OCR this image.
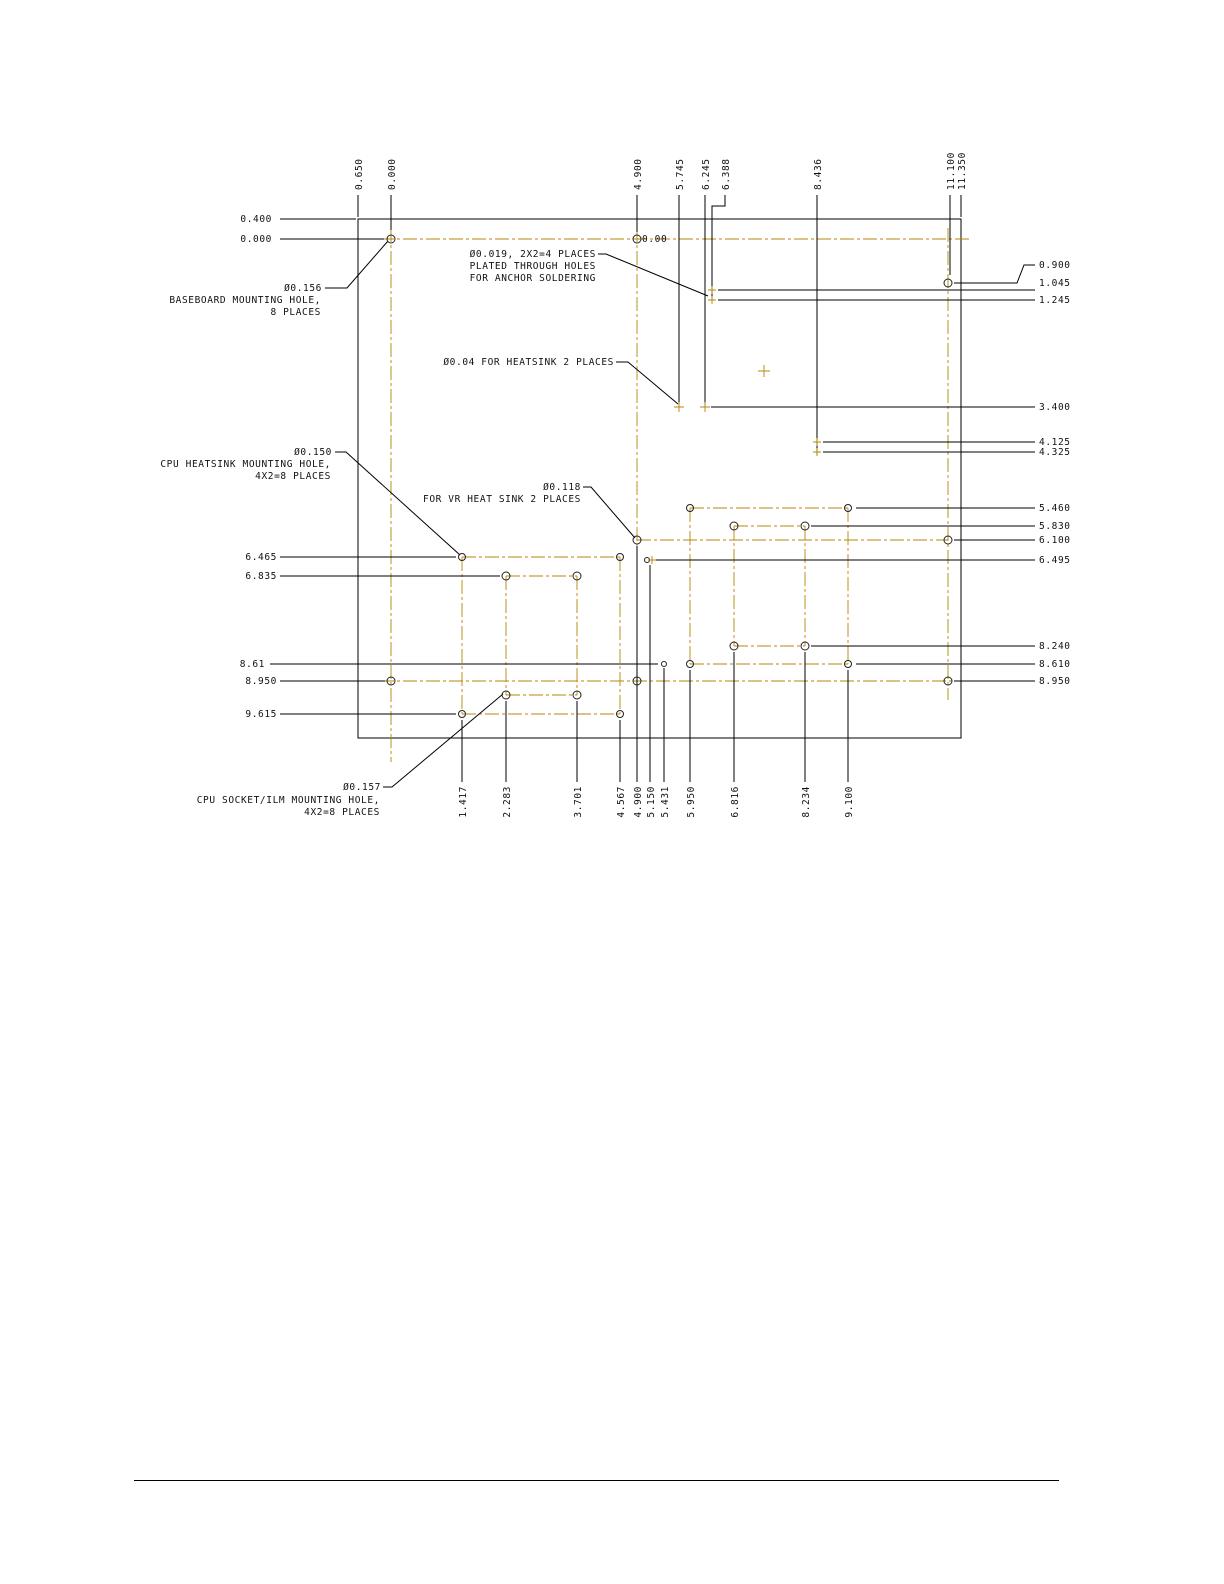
0.650 0.000	4.900	5.745 6.245 6.388	8.436	11.100 11.350
0.400
0.000
6.465
6.835
8.61
8.950
9.615
0.900
1.045
1.245
3.400
4.125
4.325
5.460
5.830
6.100
6.495
8.240
8.610
8.950
1.417	2.283	3.701	4.567 4.900 5.150 5.431 5.950	6.816	8.234	9.100
0.00
Ø0.156
BASEBOARD MOUNTING HOLE,
8 PLACES
Ø0.019, 2X2=4 PLACES
PLATED THROUGH HOLES
FOR ANCHOR SOLDERING
Ø0.04 FOR HEATSINK 2 PLACES
Ø0.150
CPU HEATSINK MOUNTING HOLE,
4X2=8 PLACES
Ø0.118
FOR VR HEAT SINK 2 PLACES
Ø0.157
CPU SOCKET/ILM MOUNTING HOLE,
4X2=8 PLACES
